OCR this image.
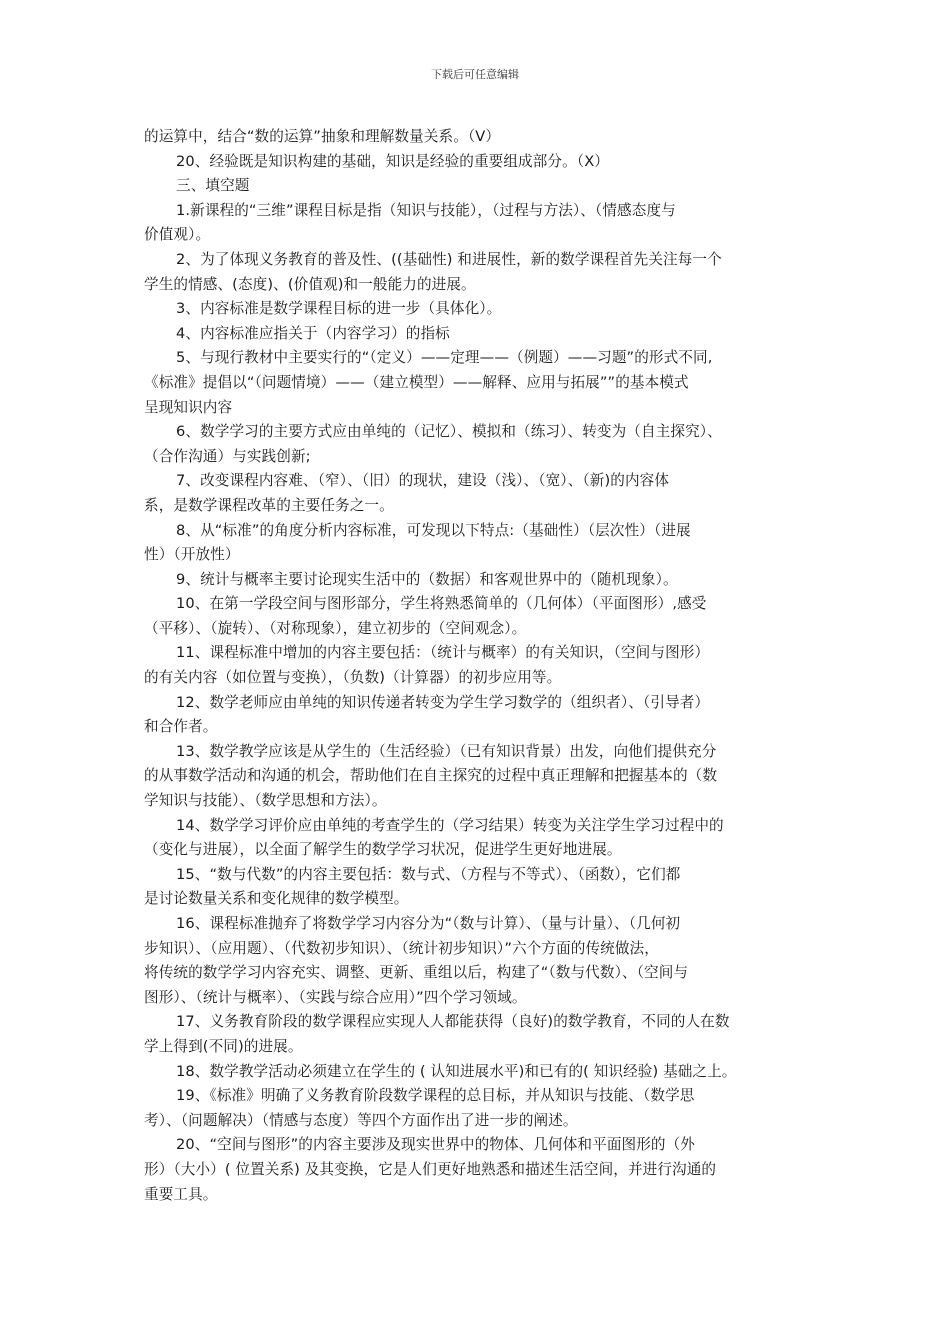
下载后可任意编辑

的运算中，结合“数的运算”抽象和理解数量关系。（V）

20、经验既是知识构建的基础，知识是经验的重要组成部分。（X）

三、填空题

1.新课程的“三维”课程目标是指（知识与技能），（过程与方法）、（情感态度与

价值观）。

2、为了体现义务教育的普及性、((基础性) 和进展性，新的数学课程首先关注每一个

学生的情感、(态度)、(价值观)和一般能力的进展。

3、内容标准是数学课程目标的进一步（具体化）。

4、内容标准应指关于（内容学习）的指标

5、与现行教材中主要实行的“（定义）——定理——（例题）——习题”的形式不同,

《标准》提倡以“（问题情境）——（建立模型）——解释、应用与拓展””的基本模式

呈现知识内容

6、数学学习的主要方式应由单纯的（记忆）、模拟和（练习）、转变为（自主探究）、

（合作沟通）与实践创新;

7、改变课程内容难、（窄）、（旧）的现状，建设（浅）、（宽）、（新)的内容体

系，是数学课程改革的主要任务之一。

8、从“标准”的角度分析内容标准，可发现以下特点:（基础性）（层次性）（进展

性）（开放性）

9、统计与概率主要讨论现实生活中的（数据）和客观世界中的（随机现象）。

10、在第一学段空间与图形部分，学生将熟悉简单的（几何体）（平面图形）,感受

（平移）、（旋转）、（对称现象），建立初步的（空间观念）。

11、课程标准中增加的内容主要包括：（统计与概率）的有关知识，（空间与图形）

的有关内容（如位置与变换），（负数)（计算器）的初步应用等。

12、数学老师应由单纯的知识传递者转变为学生学习数学的（组织者）、（引导者）

和合作者。

13、数学教学应该是从学生的（生活经验）（已有知识背景）出发，向他们提供充分

的从事数学活动和沟通的机会，帮助他们在自主探究的过程中真正理解和把握基本的（数

学知识与技能）、（数学思想和方法）。

14、数学学习评价应由单纯的考查学生的（学习结果）转变为关注学生学习过程中的

（变化与进展），以全面了解学生的数学学习状况，促进学生更好地进展。

15、“数与代数”的内容主要包括：数与式、（方程与不等式）、（函数），它们都

是讨论数量关系和变化规律的数学模型。

16、课程标准抛弃了将数学学习内容分为“（数与计算）、（量与计量）、（几何初

步知识）、（应用题）、（代数初步知识）、（统计初步知识）”六个方面的传统做法，

将传统的数学学习内容充实、调整、更新、重组以后，构建了“（数与代数）、（空间与

图形）、（统计与概率）、（实践与综合应用）”四个学习领域。

17、义务教育阶段的数学课程应实现人人都能获得（良好)的数学教育，不同的人在数

学上得到(不同)的进展。

18、数学教学活动必须建立在学生的 ( 认知进展水平)和已有的( 知识经验) 基础之上。

19、《标准》明确了义务教育阶段数学课程的总目标，并从知识与技能、（数学思

考）、（问题解决）（情感与态度）等四个方面作出了进一步的阐述。

20、“空间与图形”的内容主要涉及现实世界中的物体、几何体和平面图形的（外

形）（大小）( 位置关系) 及其变换，它是人们更好地熟悉和描述生活空间，并进行沟通的

重要工具。
